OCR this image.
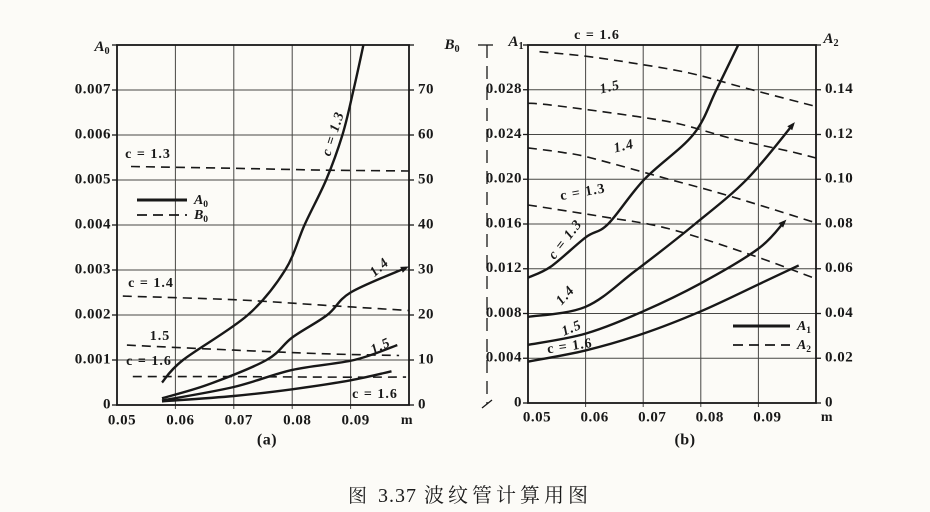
0.007
0.006
0.005
0.004
0.003
0.002
0.001
0
70
60
50
40
30
20
10
0
0.05 0.06 0.07 0.08 0.09 m
$A_0$	$B_0$
c = 1.3	c = 1.3
c = 1.4
1.5
c = 1.6
1.4
1.5
c = 1.6
$A_0$
$B_0$
(a)
0.028
0.024
0.020
0.016
0.012
0.008
0.004
0
0.14
0.12
0.10
0.08
0.06
0.04
0.02
0
0.05 0.06 0.07 0.08 0.09	m
$A_1$	$A_2$
c = 1.6
1.5
1.4
c = 1.3
c = 1.3
1.4
1.5
c = 1.6
$A_1$
$A_2$
(b)
图 3.37 波纹管计算用图
